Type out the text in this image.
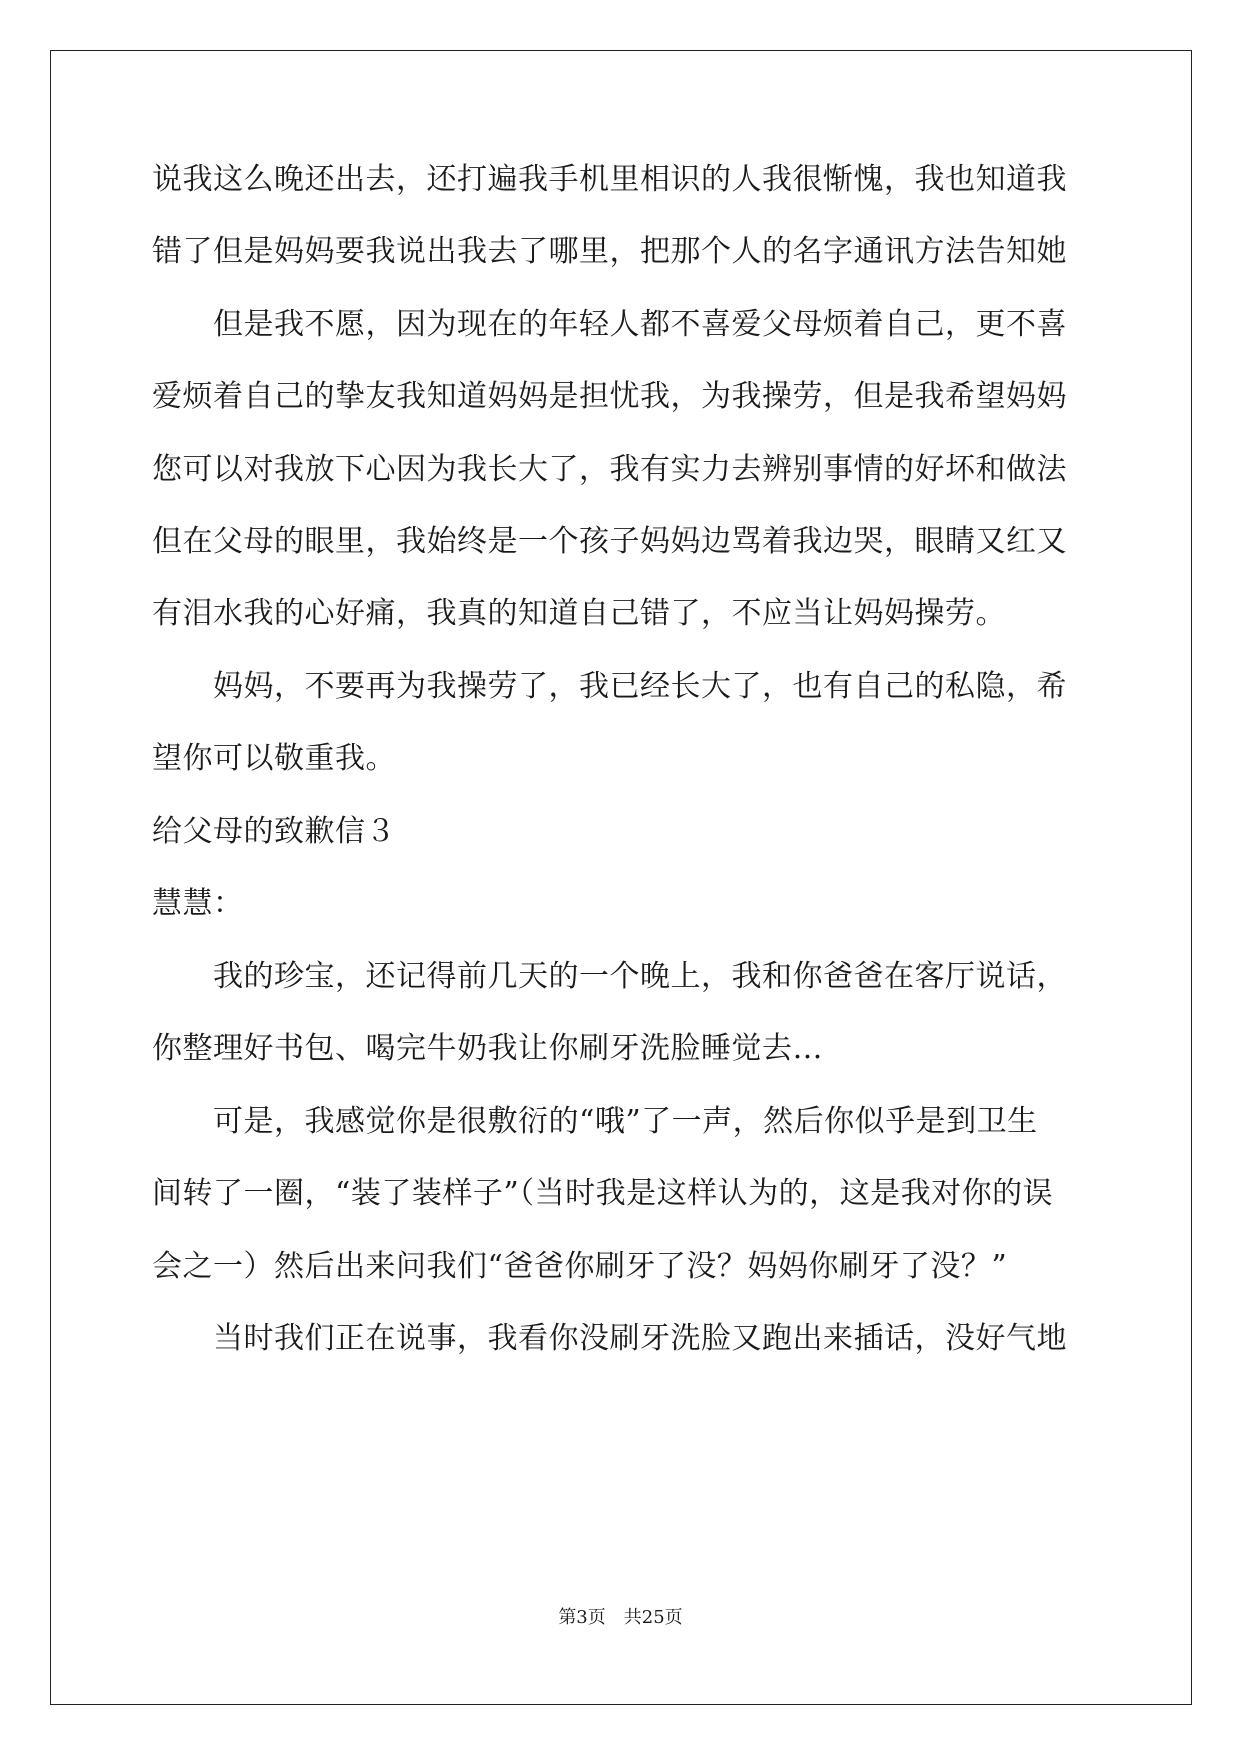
说我这么晚还出去，还打遍我手机里相识的人我很惭愧，我也知道我
错了但是妈妈要我说出我去了哪里，把那个人的名字通讯方法告知她
　　但是我不愿，因为现在的年轻人都不喜爱父母烦着自己，更不喜
爱烦着自己的挚友我知道妈妈是担忧我，为我操劳，但是我希望妈妈
您可以对我放下心因为我长大了，我有实力去辨别事情的好坏和做法
但在父母的眼里，我始终是一个孩子妈妈边骂着我边哭，眼睛又红又
有泪水我的心好痛，我真的知道自己错了，不应当让妈妈操劳。
　　妈妈，不要再为我操劳了，我已经长大了，也有自己的私隐，希
望你可以敬重我。
给父母的致歉信３
慧慧：
　　我的珍宝，还记得前几天的一个晚上，我和你爸爸在客厅说话，
你整理好书包、喝完牛奶我让你刷牙洗脸睡觉去…
　　可是，我感觉你是很敷衍的“哦”了一声，然后你似乎是到卫生
间转了一圈，“装了装样子”（当时我是这样认为的，这是我对你的误
会之一）然后出来问我们“爸爸你刷牙了没？妈妈你刷牙了没？”
　　当时我们正在说事，我看你没刷牙洗脸又跑出来插话，没好气地
第3页　共25页
